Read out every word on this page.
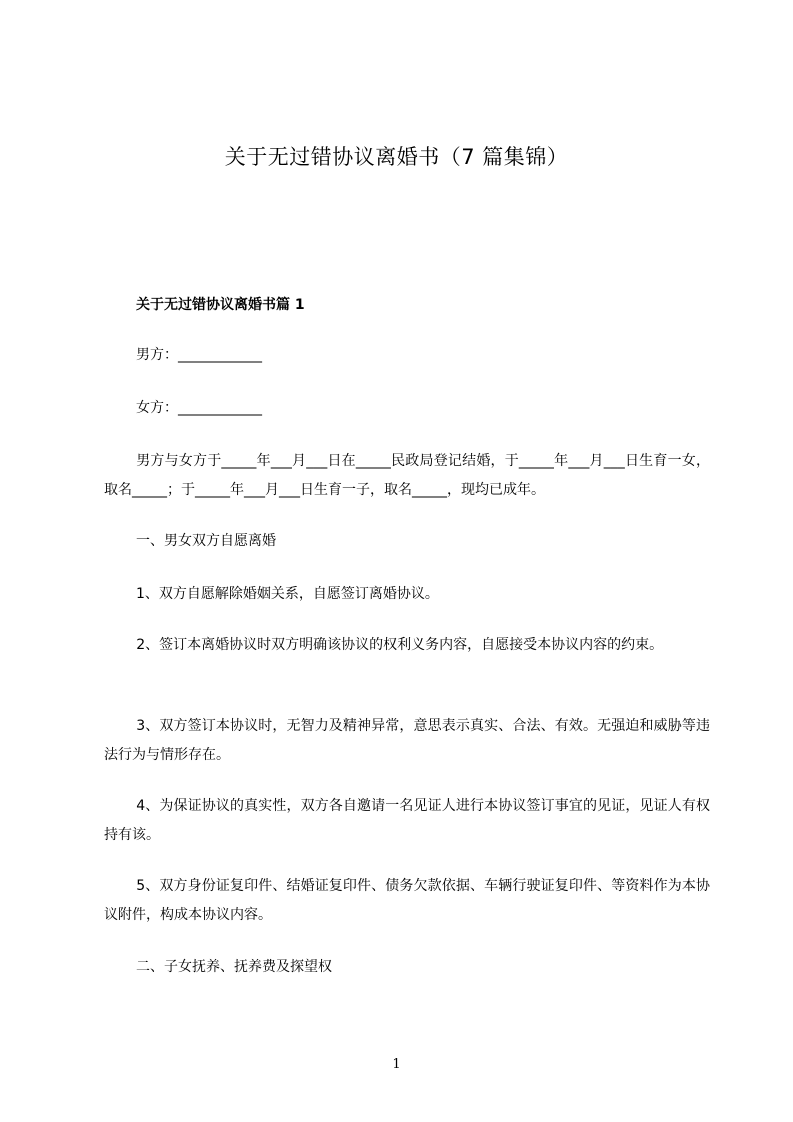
关于无过错协议离婚书（7 篇集锦）
关于无过错协议离婚书篇 1
男方：____________
女方：____________
男方与女方于_____年___月___日在_____民政局登记结婚，于_____年___月___日生育一女，取名_____；于_____年___月___日生育一子，取名_____，现均已成年。
一、男女双方自愿离婚
1、双方自愿解除婚姻关系，自愿签订离婚协议。
2、签订本离婚协议时双方明确该协议的权利义务内容，自愿接受本协议内容的约束。
3、双方签订本协议时，无智力及精神异常，意思表示真实、合法、有效。无强迫和威胁等违法行为与情形存在。
4、为保证协议的真实性，双方各自邀请一名见证人进行本协议签订事宜的见证，见证人有权持有该。
5、双方身份证复印件、结婚证复印件、债务欠款依据、车辆行驶证复印件、等资料作为本协议附件，构成本协议内容。
二、子女抚养、抚养费及探望权
1
